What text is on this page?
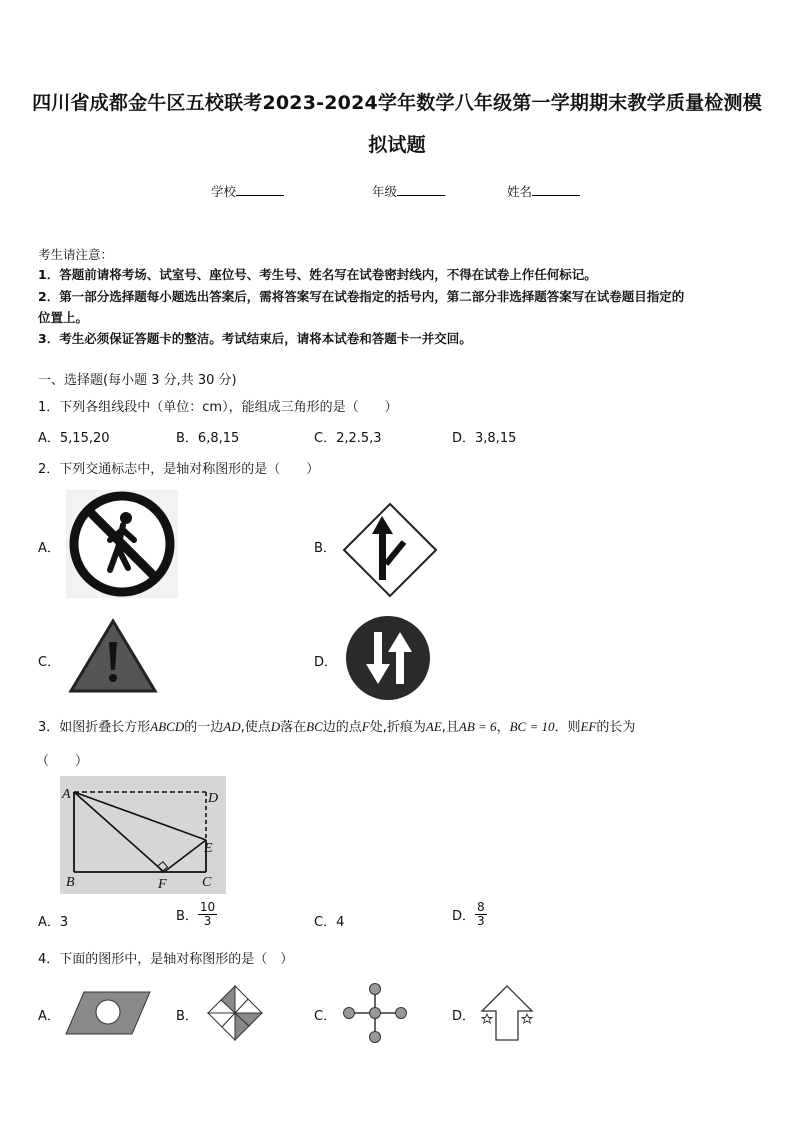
四川省成都金牛区五校联考2023-2024学年数学八年级第一学期期末教学质量检测模
拟试题
学校	年级	姓名
考生请注意：
1．答题前请将考场、试室号、座位号、考生号、姓名写在试卷密封线内，不得在试卷上作任何标记。
2．第一部分选择题每小题选出答案后，需将答案写在试卷指定的括号内，第二部分非选择题答案写在试卷题目指定的
位置上。
3．考生必须保证答题卡的整洁。考试结束后，请将本试卷和答题卡一并交回。
一、选择题(每小题 3 分,共 30 分)
1．下列各组线段中（单位：cm），能组成三角形的是（　　）
A．5,15,20	B．6,8,15	C．2,2.5,3	D．3,8,15
2．下列交通标志中，是轴对称图形的是（　　）
A．	B．
C．	D．
3．如图折叠长方形ABCD的一边AD,使点D落在BC边的点F处,折痕为AE,且AB = 6，BC = 10．则EF的长为
（　　）
A	D
E
B	F	C
A．3	B． $\frac{10}{3}$	C．4	D． $\frac{8}{3}$
4．下面的图形中，是轴对称图形的是（　）
A．	B．	C．	D．
